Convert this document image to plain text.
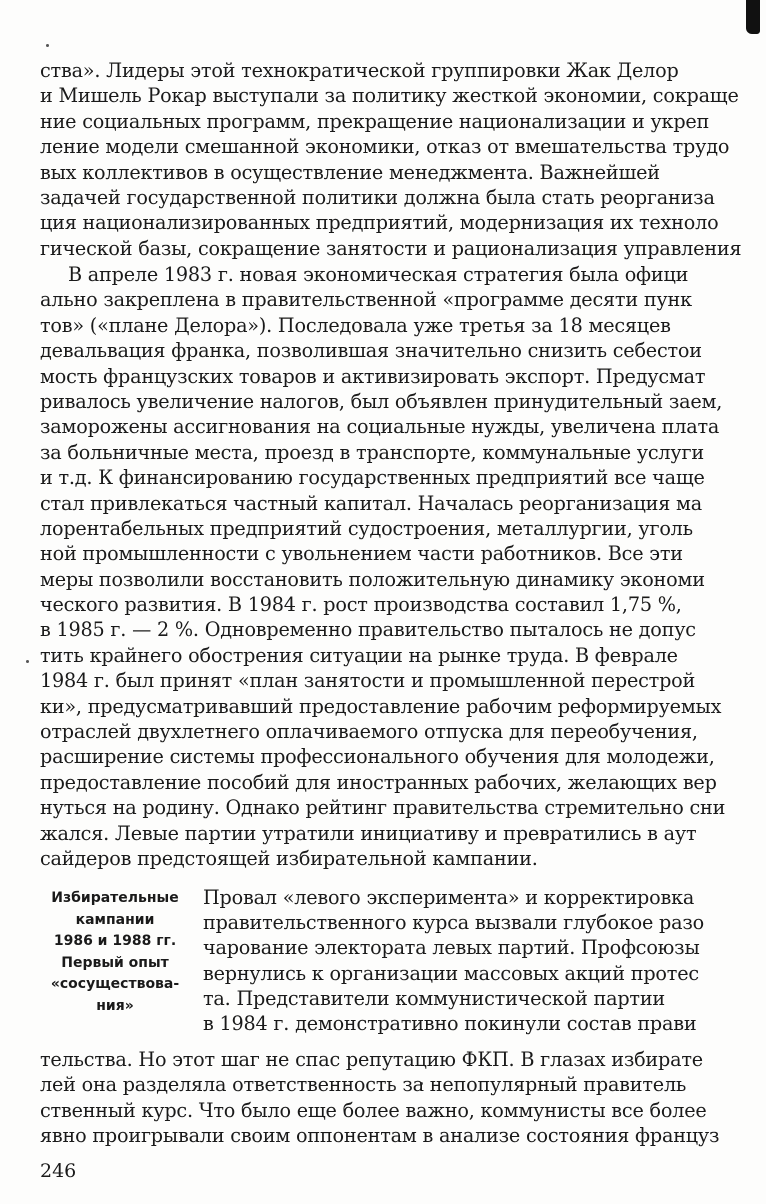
ства». Лидеры этой технократической группировки Жак Делор
и Мишель Рокар выступали за политику жесткой экономии, сокраще
ние социальных программ, прекращение национализации и укреп
ление модели смешанной экономики, отказ от вмешательства трудо
вых коллективов в осуществление менеджмента. Важнейшей
задачей государственной политики должна была стать реорганиза
ция национализированных предприятий, модернизация их техноло
гической базы, сокращение занятости и рационализация управления
В апреле 1983 г. новая экономическая стратегия была офици
ально закреплена в правительственной «программе десяти пунк
тов» («плане Делора»). Последовала уже третья за 18 месяцев
девальвация франка, позволившая значительно снизить себестои
мость французских товаров и активизировать экспорт. Предусмат
ривалось увеличение налогов, был объявлен принудительный заем,
заморожены ассигнования на социальные нужды, увеличена плата
за больничные места, проезд в транспорте, коммунальные услуги
и т.д. К финансированию государственных предприятий все чаще
стал привлекаться частный капитал. Началась реорганизация ма
лорентабельных предприятий судостроения, металлургии, уголь
ной промышленности с увольнением части работников. Все эти
меры позволили восстановить положительную динамику экономи
ческого развития. В 1984 г. рост производства составил 1,75 %,
в 1985 г. — 2 %. Одновременно правительство пыталось не допус
тить крайнего обострения ситуации на рынке труда. В феврале
1984 г. был принят «план занятости и промышленной перестрой
ки», предусматривавший предоставление рабочим реформируемых
отраслей двухлетнего оплачиваемого отпуска для переобучения,
расширение системы профессионального обучения для молодежи,
предоставление пособий для иностранных рабочих, желающих вер
нуться на родину. Однако рейтинг правительства стремительно сни
жался. Левые партии утратили инициативу и превратились в аут
сайдеров предстоящей избирательной кампании.
Избирательные
кампании
1986 и 1988 гг.
Первый опыт
«сосуществова-
ния»
Провал «левого эксперимента» и корректировка
правительственного курса вызвали глубокое разо
чарование электората левых партий. Профсоюзы
вернулись к организации массовых акций протес
та. Представители коммунистической партии
в 1984 г. демонстративно покинули состав прави
тельства. Но этот шаг не спас репутацию ФКП. В глазах избирате
лей она разделяла ответственность за непопулярный правитель
ственный курс. Что было еще более важно, коммунисты все более
явно проигрывали своим оппонентам в анализе состояния француз
246
